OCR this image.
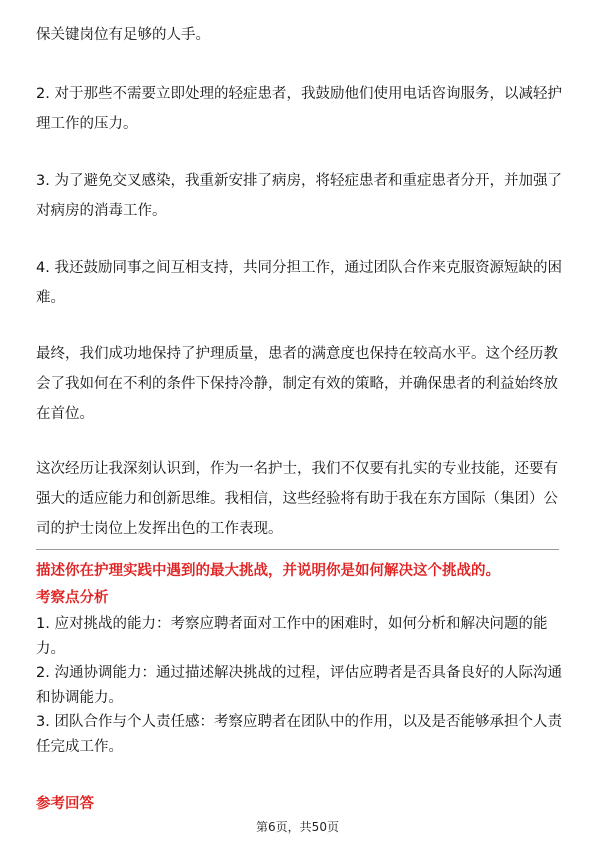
保关键岗位有足够的人手。

2. 对于那些不需要立即处理的轻症患者，我鼓励他们使用电话咨询服务，以减轻护理工作的压力。

3. 为了避免交叉感染，我重新安排了病房，将轻症患者和重症患者分开，并加强了对病房的消毒工作。

4. 我还鼓励同事之间互相支持，共同分担工作，通过团队合作来克服资源短缺的困难。

最终，我们成功地保持了护理质量，患者的满意度也保持在较高水平。这个经历教会了我如何在不利的条件下保持冷静，制定有效的策略，并确保患者的利益始终放在首位。

这次经历让我深刻认识到，作为一名护士，我们不仅要有扎实的专业技能，还要有强大的适应能力和创新思维。我相信，这些经验将有助于我在东方国际（集团）公司的护士岗位上发挥出色的工作表现。

描述你在护理实践中遇到的最大挑战，并说明你是如何解决这个挑战的。

考察点分析

1. 应对挑战的能力：考察应聘者面对工作中的困难时，如何分析和解决问题的能力。

2. 沟通协调能力：通过描述解决挑战的过程，评估应聘者是否具备良好的人际沟通和协调能力。

3. 团队合作与个人责任感：考察应聘者在团队中的作用，以及是否能够承担个人责任完成工作。

参考回答

第6页，共50页
